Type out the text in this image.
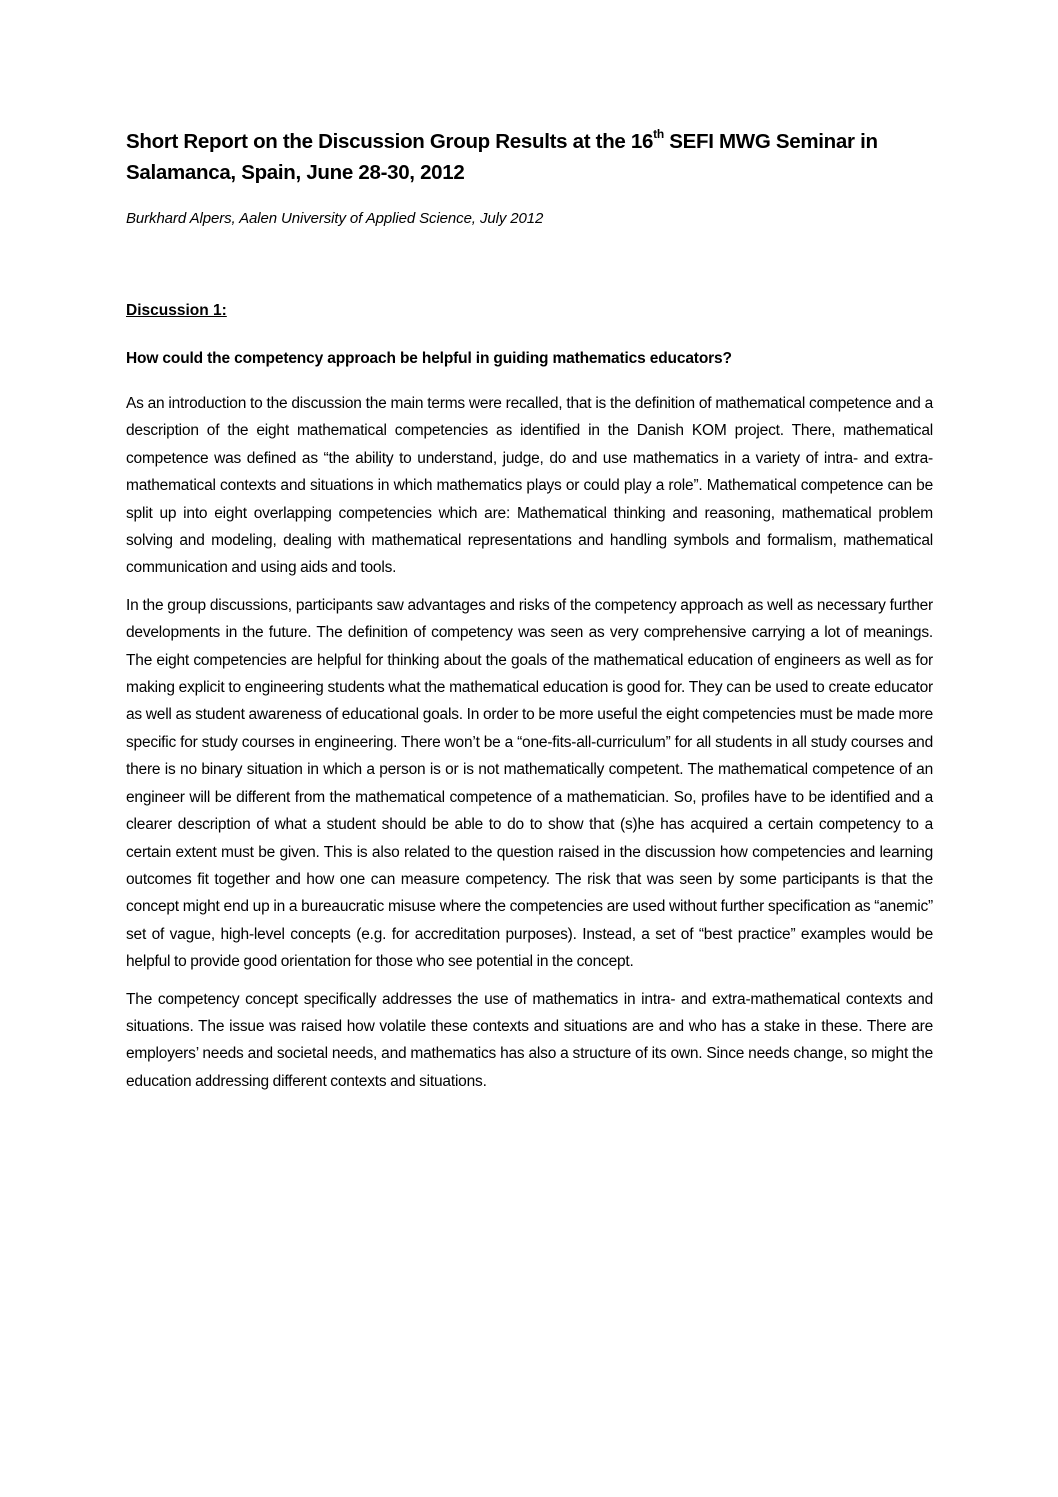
Short Report on the Discussion Group Results at the 16th SEFI MWG Seminar in Salamanca, Spain, June 28-30, 2012
Burkhard Alpers, Aalen University of Applied Science, July 2012
Discussion 1:
How could the competency approach be helpful in guiding mathematics educators?

As an introduction to the discussion the main terms were recalled, that is the definition of mathematical competence and a description of the eight mathematical competencies as identified in the Danish KOM project. There, mathematical competence was defined as “the ability to understand, judge, do and use mathematics in a variety of intra- and extra-mathematical contexts and situations in which mathematics plays or could play a role”. Mathematical competence can be split up into eight overlapping competencies which are: Mathematical thinking and reasoning, mathematical problem solving and modeling, dealing with mathematical representations and handling symbols and formalism, mathematical communication and using aids and tools.

In the group discussions, participants saw advantages and risks of the competency approach as well as necessary further developments in the future. The definition of competency was seen as very comprehensive carrying a lot of meanings. The eight competencies are helpful for thinking about the goals of the mathematical education of engineers as well as for making explicit to engineering students what the mathematical education is good for. They can be used to create educator as well as student awareness of educational goals. In order to be more useful the eight competencies must be made more specific for study courses in engineering. There won’t be a “one-fits-all-curriculum” for all students in all study courses and there is no binary situation in which a person is or is not mathematically competent. The mathematical competence of an engineer will be different from the mathematical competence of a mathematician. So, profiles have to be identified and a clearer description of what a student should be able to do to show that (s)he has acquired a certain competency to a certain extent must be given. This is also related to the question raised in the discussion how competencies and learning outcomes fit together and how one can measure competency. The risk that was seen by some participants is that the concept might end up in a bureaucratic misuse where the competencies are used without further specification as “anemic” set of vague, high-level concepts (e.g. for accreditation purposes). Instead, a set of “best practice” examples would be helpful to provide good orientation for those who see potential in the concept.

The competency concept specifically addresses the use of mathematics in intra- and extra-mathematical contexts and situations. The issue was raised how volatile these contexts and situations are and who has a stake in these. There are employers’ needs and societal needs, and mathematics has also a structure of its own. Since needs change, so might the education addressing different contexts and situations.
